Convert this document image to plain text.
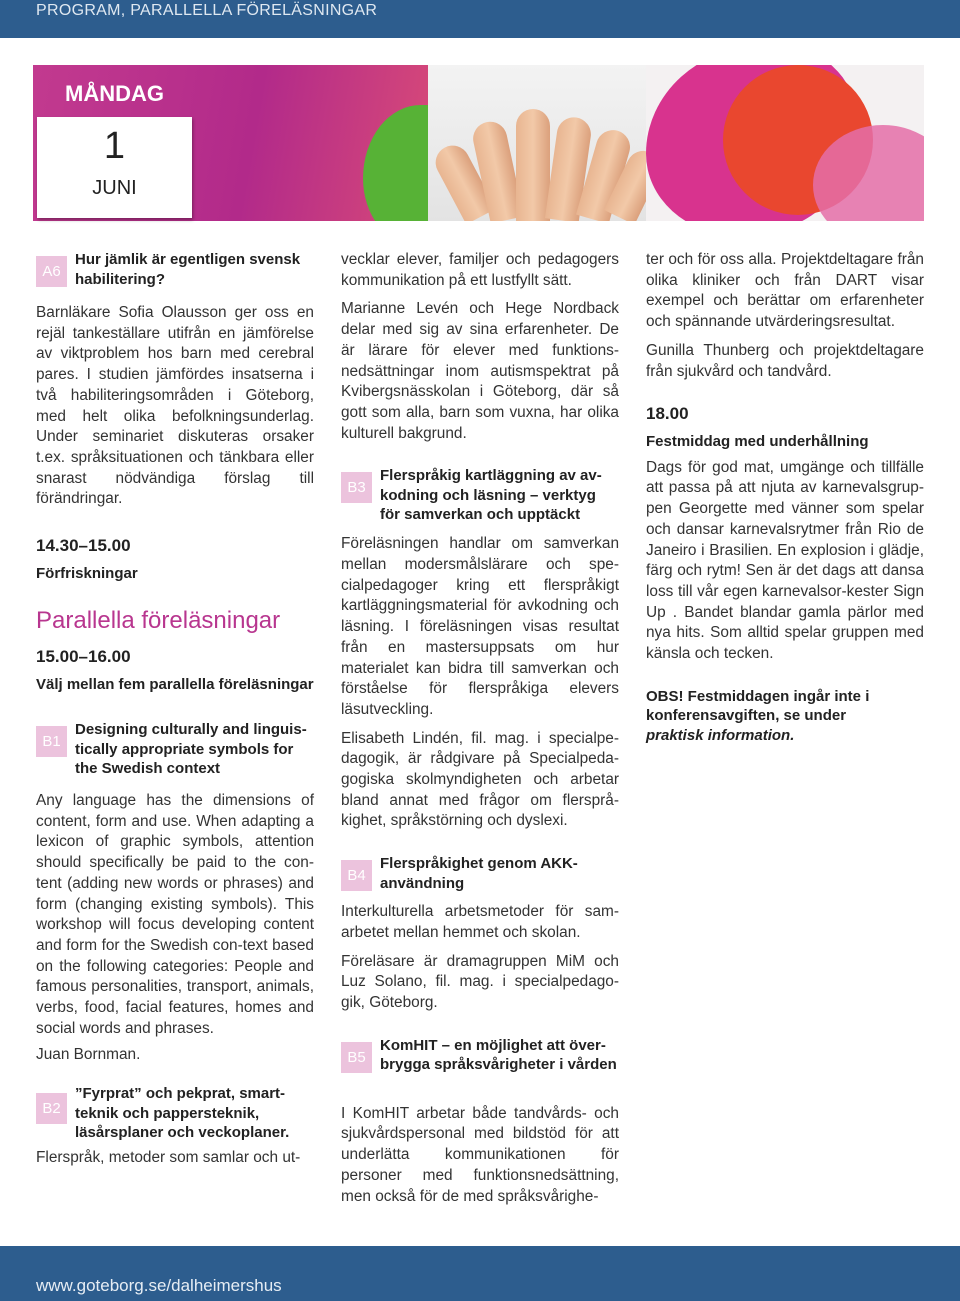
PROGRAM, PARALLELLA FÖRELÄSNINGAR
MÅNDAG
1
JUNI
A6

Hur jämlik är egentligen svensk habilitering?

Barnläkare Sofia Olausson ger oss en rejäl tankeställare utifrån en jämförelse av viktproblem hos barn med cerebral pares. I studien jämfördes insatserna i två habiliteringsområden i Göteborg, med helt olika befolkningsunderlag. Under seminariet diskuteras orsaker t.ex. språksituationen och tänkbara eller snarast nödvändiga förslag till förändringar.

14.30–15.00

Förfriskningar

Parallella föreläsningar

15.00–16.00

Välj mellan fem parallella föreläsningar

B1

Designing culturally and linguis-tically appropriate symbols for the Swedish context

Any language has the dimensions of content, form and use. When adapting a lexicon of graphic symbols, attention should specifically be paid to the con-tent (adding new words or phrases) and form (changing existing symbols). This workshop will focus developing content and form for the Swedish con-text based on the following categories: People and famous personalities, transport, animals, verbs, food, facial features, homes and social words and phrases.

Juan Bornman.

B2

”Fyrprat” och pekprat, smart-teknik och pappersteknik, läsårsplaner och veckoplaner.

Flerspråk, metoder som samlar och ut-

vecklar elever, familjer och pedagogers kommunikation på ett lustfyllt sätt.

Marianne Levén och Hege Nordback delar med sig av sina erfarenheter. De är lärare för elever med funktions-nedsättningar inom autismspektrat på Kvibergsnässkolan i Göteborg, där så gott som alla, barn som vuxna, har olika kulturell bakgrund.

B3

Flerspråkig kartläggning av av-kodning och läsning – verktyg för samverkan och upptäckt

Föreläsningen handlar om samverkan mellan modersmålslärare och spe-cialpedagoger kring ett flerspråkigt kartläggningsmaterial för avkodning och läsning. I föreläsningen visas resultat från en mastersuppsats om hur materialet kan bidra till samverkan och förståelse för flerspråkiga elevers läsutveckling.

Elisabeth Lindén, fil. mag. i specialpe-dagogik, är rådgivare på Specialpeda-gogiska skolmyndigheten och arbetar bland annat med frågor om flersprå-kighet, språkstörning och dyslexi.

B4

Flerspråkighet genom AKK-användning

Interkulturella arbetsmetoder för sam-arbetet mellan hemmet och skolan.

Föreläsare är dramagruppen MiM och Luz Solano, fil. mag. i specialpedago-gik, Göteborg.

B5

KomHIT – en möjlighet att över-brygga språksvårigheter i vården

I KomHIT arbetar både tandvårds- och sjukvårdspersonal med bildstöd för att underlätta kommunikationen för personer med funktionsnedsättning, men också för de med språksvårighe-

ter och för oss alla. Projektdeltagare från olika kliniker och från DART visar exempel och berättar om erfarenheter och spännande utvärderingsresultat.

Gunilla Thunberg och projektdeltagare från sjukvård och tandvård.

18.00

Festmiddag med underhållning

Dags för god mat, umgänge och tillfälle att passa på att njuta av karnevalsgrup-pen Georgette med vänner som spelar och dansar karnevalsrytmer från Rio de Janeiro i Brasilien. En explosion i glädje, färg och rytm! Sen är det dags att dansa loss till vår egen karnevalsor-kester Sign Up . Bandet blandar gamla pärlor med nya hits. Som alltid spelar gruppen med känsla och tecken.

OBS! Festmiddagen ingår inte i konferensavgiften, se under

praktisk information.

www.goteborg.se/dalheimershus
